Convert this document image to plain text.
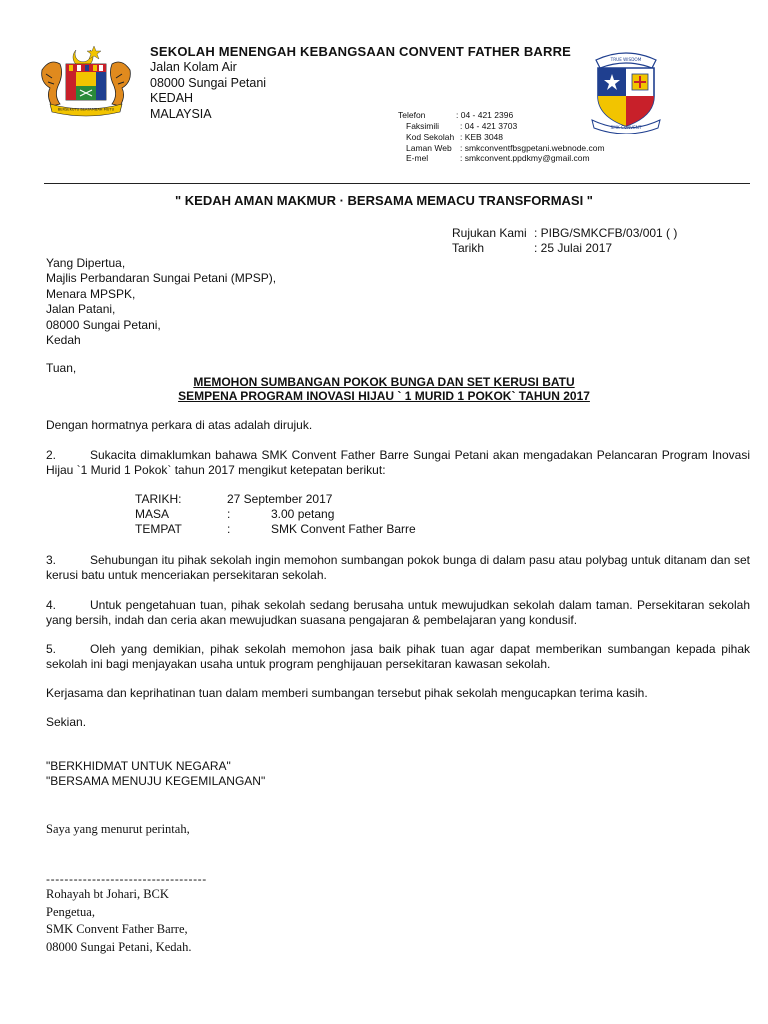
BERSEKUTU BERTAMBAH MUTU
TRUE WISDOM
SMK CONVENT
SEKOLAH MENENGAH KEBANGSAAN CONVENT FATHER BARRE
Jalan Kolam Air
08000 Sungai Petani
KEDAH
MALAYSIA	Telefon	: 04 - 421 2396
Faksimili : 04 - 421 3703
Kod Sekolah : KEB 3048
Laman Web : smkconventfbsgpetani.webnode.com
E-mel	: smkconvent.ppdkmy@gmail.com
" KEDAH AMAN MAKMUR · BERSAMA MEMACU TRANSFORMASI "
Rujukan Kami : PIBG/SMKCFB/03/001 ( )
Tarikh	: 25 Julai 2017
Yang Dipertua,
Majlis Perbandaran Sungai Petani (MPSP),
Menara MPSPK,
Jalan Patani,
08000 Sungai Petani,
Kedah
Tuan,
MEMOHON SUMBANGAN POKOK BUNGA DAN SET KERUSI BATU
SEMPENA PROGRAM INOVASI HIJAU ` 1 MURID 1 POKOK` TAHUN 2017
Dengan hormatnya perkara di atas adalah dirujuk.
2.	Sukacita dimaklumkan bahawa SMK Convent Father Barre Sungai Petani akan mengadakan Pelancaran Program Inovasi Hijau `1 Murid 1 Pokok` tahun 2017 mengikut ketepatan berikut:
TARIKH:	27 September 2017
MASA	:	3.00 petang
TEMPAT	:	SMK Convent Father Barre
3.	Sehubungan itu pihak sekolah ingin memohon sumbangan pokok bunga di dalam pasu atau polybag untuk ditanam dan set kerusi batu untuk menceriakan persekitaran sekolah.
4.	Untuk pengetahuan tuan, pihak sekolah sedang berusaha untuk mewujudkan sekolah dalam taman. Persekitaran sekolah yang bersih, indah dan ceria akan mewujudkan suasana pengajaran & pembelajaran yang kondusif.
5.	Oleh yang demikian, pihak sekolah memohon jasa baik pihak tuan agar dapat memberikan sumbangan kepada pihak sekolah ini bagi menjayakan usaha untuk program penghijauan persekitaran kawasan sekolah.
Kerjasama dan keprihatinan tuan dalam memberi sumbangan tersebut pihak sekolah mengucapkan terima kasih.
Sekian.
"BERKHIDMAT UNTUK NEGARA"
"BERSAMA MENUJU KEGEMILANGAN"
Saya yang menurut perintah,
-----------------------------------
Rohayah bt Johari, BCK
Pengetua,
SMK Convent Father Barre,
08000 Sungai Petani, Kedah.
